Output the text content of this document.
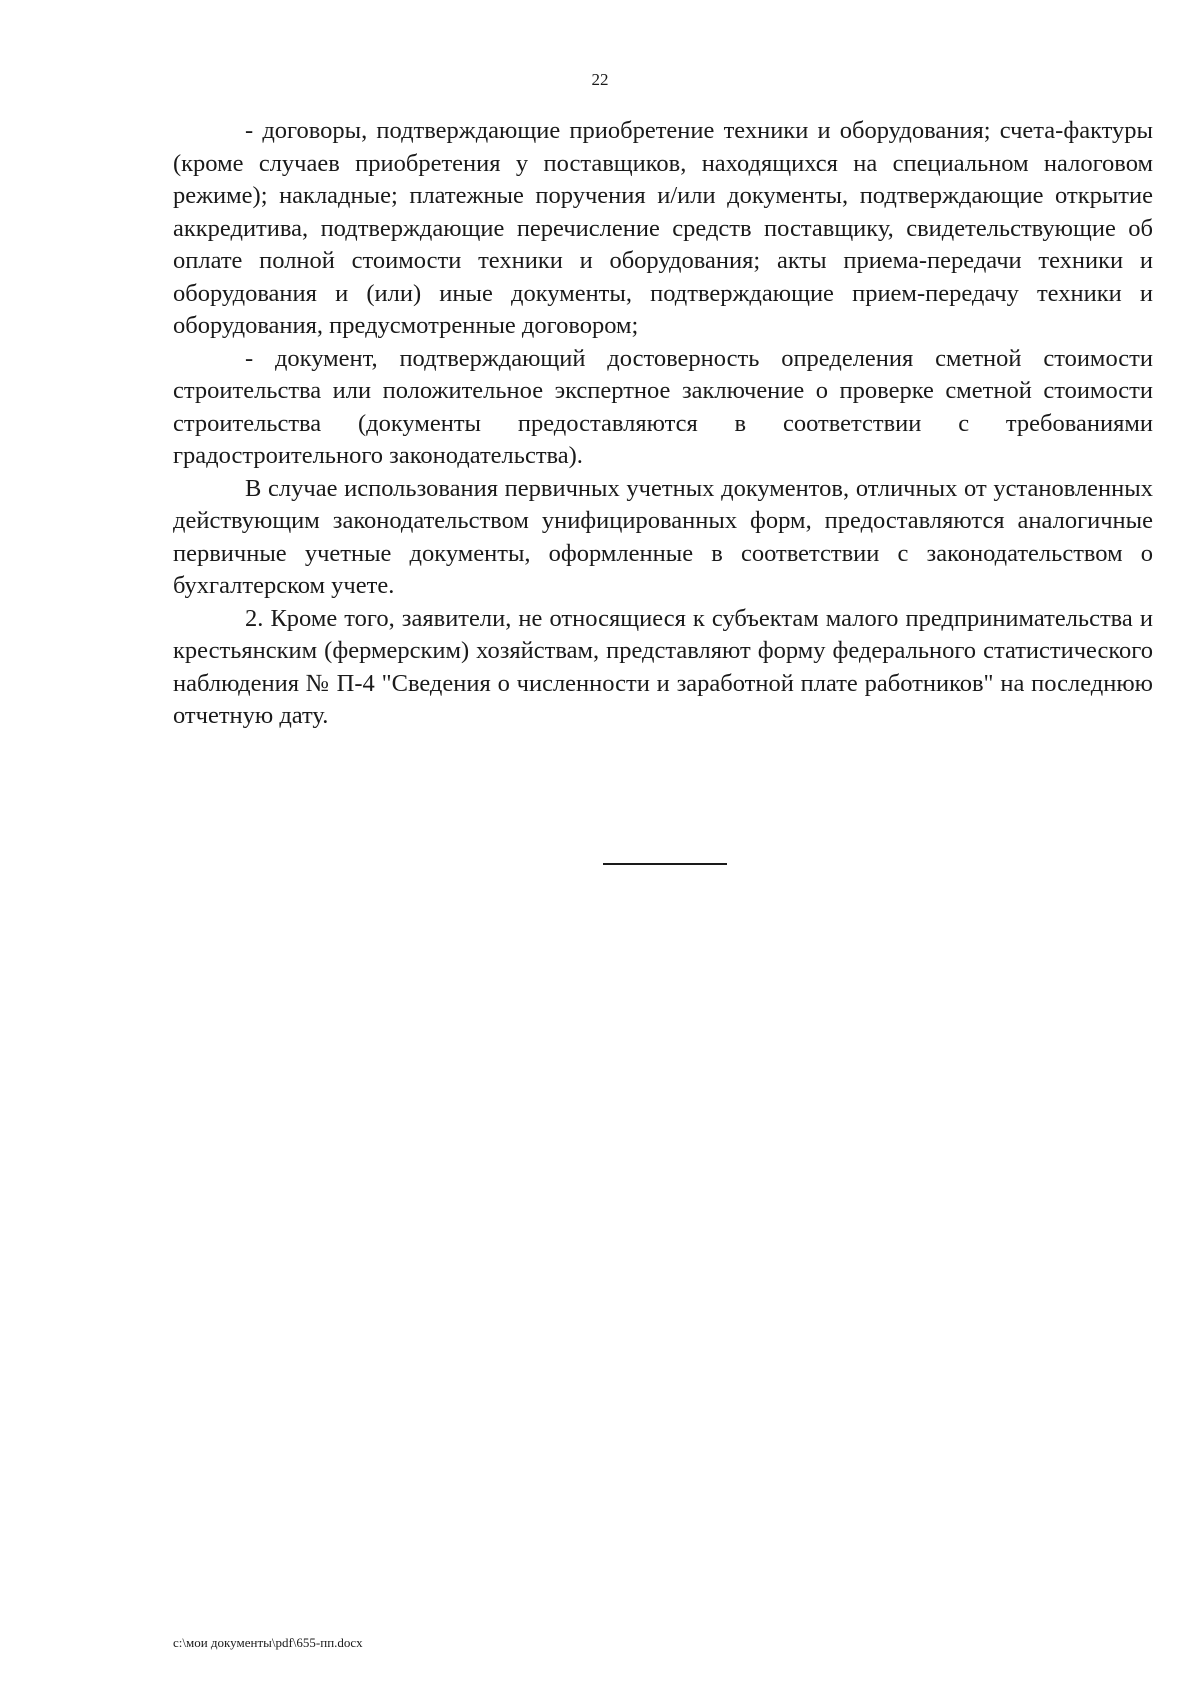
22

- договоры, подтверждающие приобретение техники и оборудования; счета-фактуры (кроме случаев приобретения у поставщиков, находящихся на специальном налоговом режиме); накладные; платежные поручения и/или документы, подтверждающие открытие аккредитива, подтверждающие перечисление средств поставщику, свидетельствующие об оплате полной стоимости техники и оборудования; акты приема-передачи техники и оборудования и (или) иные документы, подтверждающие прием-передачу техники и оборудования, предусмотренные договором;

- документ, подтверждающий достоверность определения сметной стоимости строительства или положительное экспертное заключение о проверке сметной стоимости строительства (документы предоставляются в соответствии с требованиями градостроительного законодательства).

В случае использования первичных учетных документов, отличных от установленных действующим законодательством унифицированных форм, предоставляются аналогичные первичные учетные документы, оформленные в соответствии с законодательством о бухгалтерском учете.

2. Кроме того, заявители, не относящиеся к субъектам малого предпринимательства и крестьянским (фермерским) хозяйствам, представляют форму федерального статистического наблюдения № П-4 "Сведения о численности и заработной плате работников" на последнюю отчетную дату.

c:\мои документы\pdf\655-пп.docx
